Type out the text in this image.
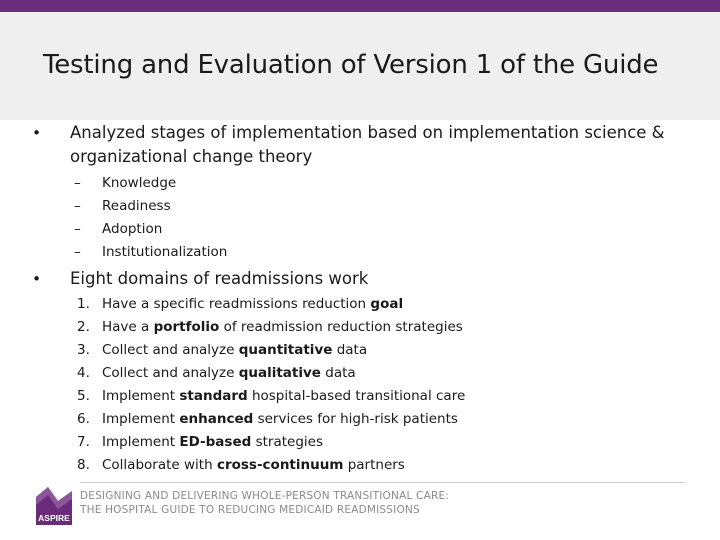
Testing and Evaluation of Version 1 of the Guide
• Analyzed stages of implementation based on implementation science & organizational change theory
– Knowledge
– Readiness
– Adoption
– Institutionalization
• Eight domains of readmissions work
1. Have a specific readmissions reduction goal
2. Have a portfolio of readmission reduction strategies
3. Collect and analyze quantitative data
4. Collect and analyze qualitative data
5. Implement standard hospital-based transitional care
6. Implement enhanced services for high-risk patients
7. Implement ED-based strategies
8. Collaborate with cross-continuum partners
ASPIRE
DESIGNING AND DELIVERING WHOLE-PERSON TRANSITIONAL CARE:
THE HOSPITAL GUIDE TO REDUCING MEDICAID READMISSIONS
